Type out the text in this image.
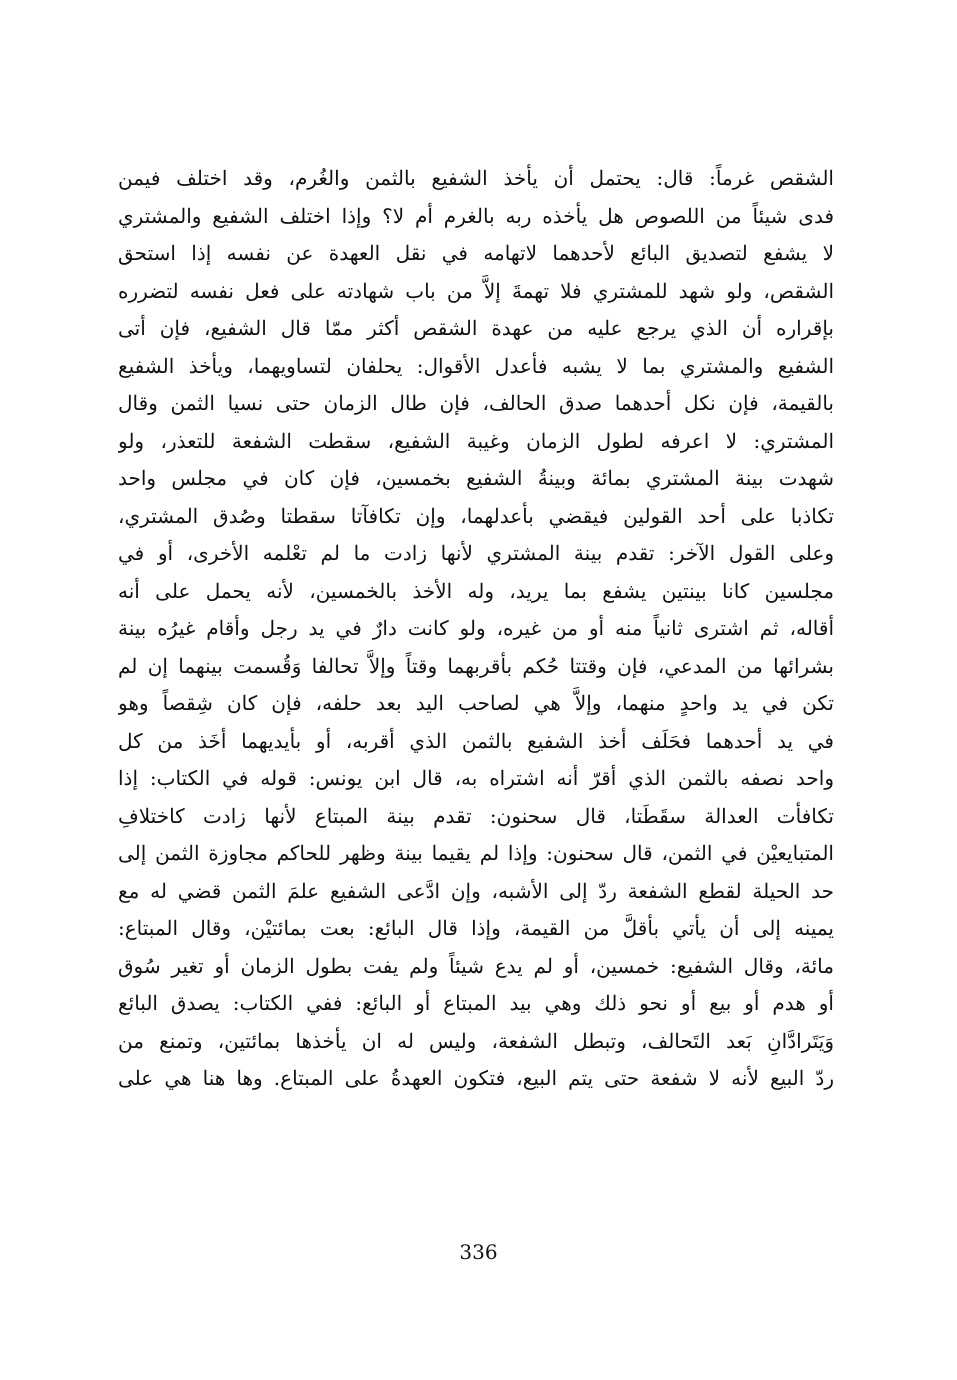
الشقص غرماً: قال: يحتمل أن يأخذ الشفيع بالثمن والغُرم، وقد اختلف فيمن
فدى شيئاً من اللصوص هل يأخذه ربه بالغرم أم لا؟ وإذا اختلف الشفيع والمشتري
لا يشفع لتصديق البائع لأحدهما لاتهامه في نقل العهدة عن نفسه إذا استحق
الشقص، ولو شهد للمشتري فلا تهمةَ إلاَّ من باب شهادته على فعل نفسه لتضرره
بإقراره أن الذي يرجع عليه من عهدة الشقص أكثر ممّا قال الشفيع، فإن أتى
الشفيع والمشتري بما لا يشبه فأعدل الأقوال: يحلفان لتساويهما، ويأخذ الشفيع
بالقيمة، فإن نكل أحدهما صدق الحالف، فإن طال الزمان حتى نسيا الثمن وقال
المشتري: لا اعرفه لطول الزمان وغيبة الشفيع، سقطت الشفعة للتعذر، ولو
شهدت بينة المشتري بمائة وبينةُ الشفيع بخمسين، فإن كان في مجلس واحد
تكاذبا على أحد القولين فيقضي بأعدلهما، وإن تكافآتا سقطتا وصُدق المشتري،
وعلى القول الآخر: تقدم بينة المشتري لأنها زادت ما لم تعْلمه الأخرى، أو في
مجلسين كانا بينتين يشفع بما يريد، وله الأخذ بالخمسين، لأنه يحمل على أنه
أقاله، ثم اشترى ثانياً منه أو من غيره، ولو كانت دارٌ في يد رجل وأقام غيرُه بينة
بشرائها من المدعي، فإن وقتتا حُكم بأقربهما وقتاً وإلاَّ تحالفا وَقُسمت بينهما إن لم
تكن في يد واحدٍ منهما، وإلاَّ هي لصاحب اليد بعد حلفه، فإن كان شِقصاً وهو
في يد أحدهما فحَلَف أخذ الشفيع بالثمن الذي أقربه، أو بأيديهما أخَذ من كل
واحد نصفه بالثمن الذي أقرّ أنه اشتراه به، قال ابن يونس: قوله في الكتاب: إذا
تكافأت العدالة سقَطَتا، قال سحنون: تقدم بينة المبتاع لأنها زادت كاختلافِ
المتبايعيْن في الثمن، قال سحنون: وإذا لم يقيما بينة وظهر للحاكم مجاوزة الثمن إلى
حد الحيلة لقطع الشفعة ردّ إلى الأشبه، وإن ادَّعى الشفيع علمَ الثمن قضي له مع
يمينه إلى أن يأتي بأقلَّ من القيمة، وإذا قال البائع: بعت بمائتيْن، وقال المبتاع:
مائة، وقال الشفيع: خمسين، أو لم يدع شيئاً ولم يفت بطول الزمان أو تغير سُوق
أو هدم أو بيع أو نحو ذلك وهي بيد المبتاع أو البائع: ففي الكتاب: يصدق البائع
وَيَتَرادَّانِ بَعد التَحالف، وتبطل الشفعة، وليس له ان يأخذها بمائتين، وتمنع من
ردّ البيع لأنه لا شفعة حتى يتم البيع، فتكون العهدةُ على المبتاع. وها هنا هي على
336
